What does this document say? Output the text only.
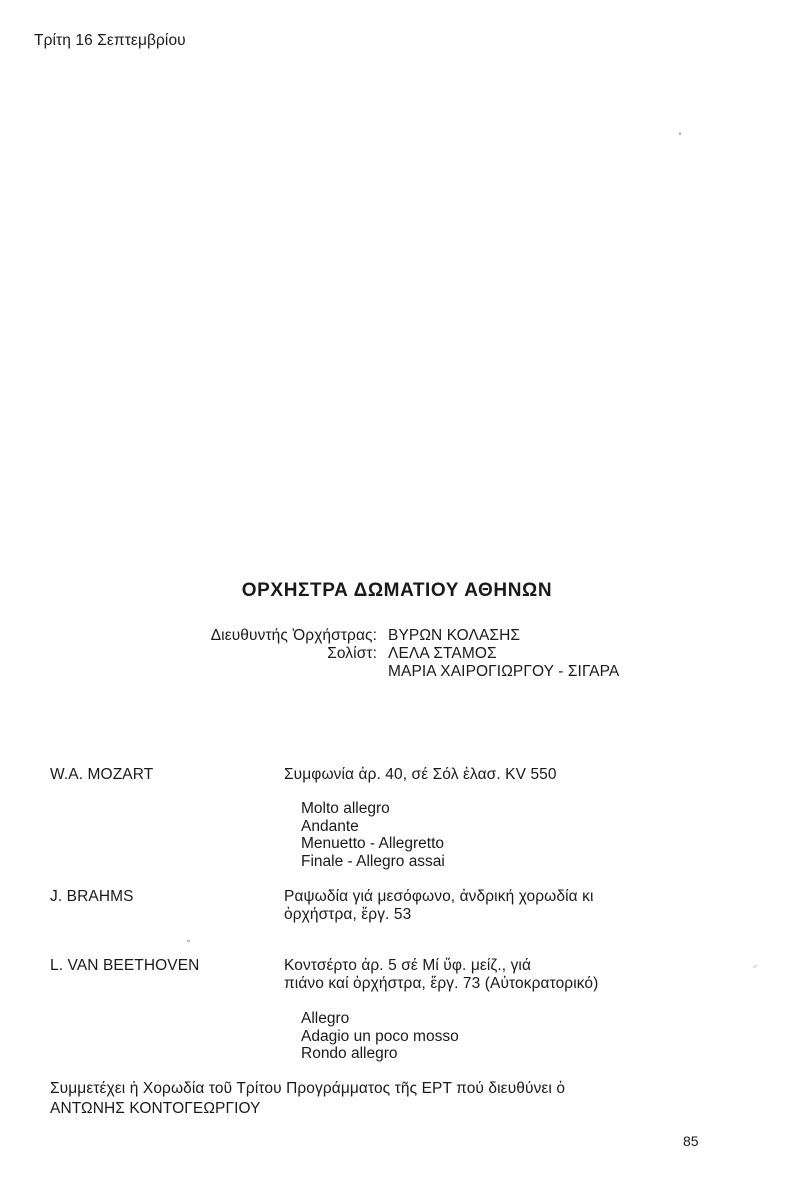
Τρίτη 16 Σεπτεμβρίου
ΟΡΧΗΣΤΡΑ ΔΩΜΑΤΙΟΥ ΑΘΗΝΩΝ
Διευθυντής Ὀρχήστρας: ΒΥΡΩΝ ΚΟΛΑΣΗΣ
Σολίστ: ΛΕΛΑ ΣΤΑΜΟΣ
ΜΑΡΙΑ ΧΑΙΡΟΓΙΩΡΓΟΥ - ΣΙΓΑΡΑ
W.A. MOZART	Συμφωνία ἀρ. 40, σέ Σόλ ἐλασ. KV 550
Molto allegro
Andante
Menuetto - Allegretto
Finale - Allegro assai
J. BRAHMS	Ραψωδία γιά μεσόφωνο, ἀνδρική χορωδία κι
ὀρχήστρα, ἔργ. 53
L. VAN BEETHOVEN	Κοντσέρτο ἀρ. 5 σέ Μί ὕφ. μείζ., γιά
πιάνο καί ὀρχήστρα, ἔργ. 73 (Αὐτοκρατορικό)
Allegro
Adagio un poco mosso
Rondo allegro
Συμμετέχει ἡ Χορωδία τοῦ Τρίτου Προγράμματος τῆς ΕΡΤ πού διευθύνει ὁ
ΑΝΤΩΝΗΣ ΚΟΝΤΟΓΕΩΡΓΙΟΥ
85
